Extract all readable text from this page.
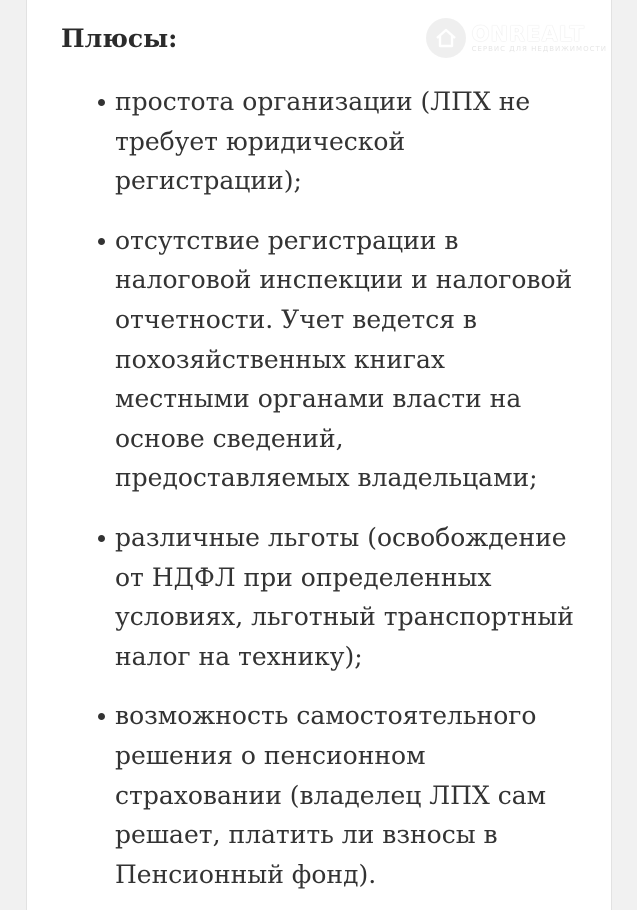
Плюсы:	ONREALT
СЕРВИС ДЛЯ НЕДВИЖИМОСТИ
простота организации (ЛПХ не требует юридической регистрации);
отсутствие регистрации в налоговой инспекции и налоговой отчетности. Учет ведется в похозяйственных книгах местными органами власти на основе сведений, предоставляемых владельцами;
различные льготы (освобождение от НДФЛ при определенных условиях, льготный транспортный налог на технику);
возможность самостоятельного решения о пенсионном страховании (владелец ЛПХ сам решает, платить ли взносы в Пенсионный фонд).
